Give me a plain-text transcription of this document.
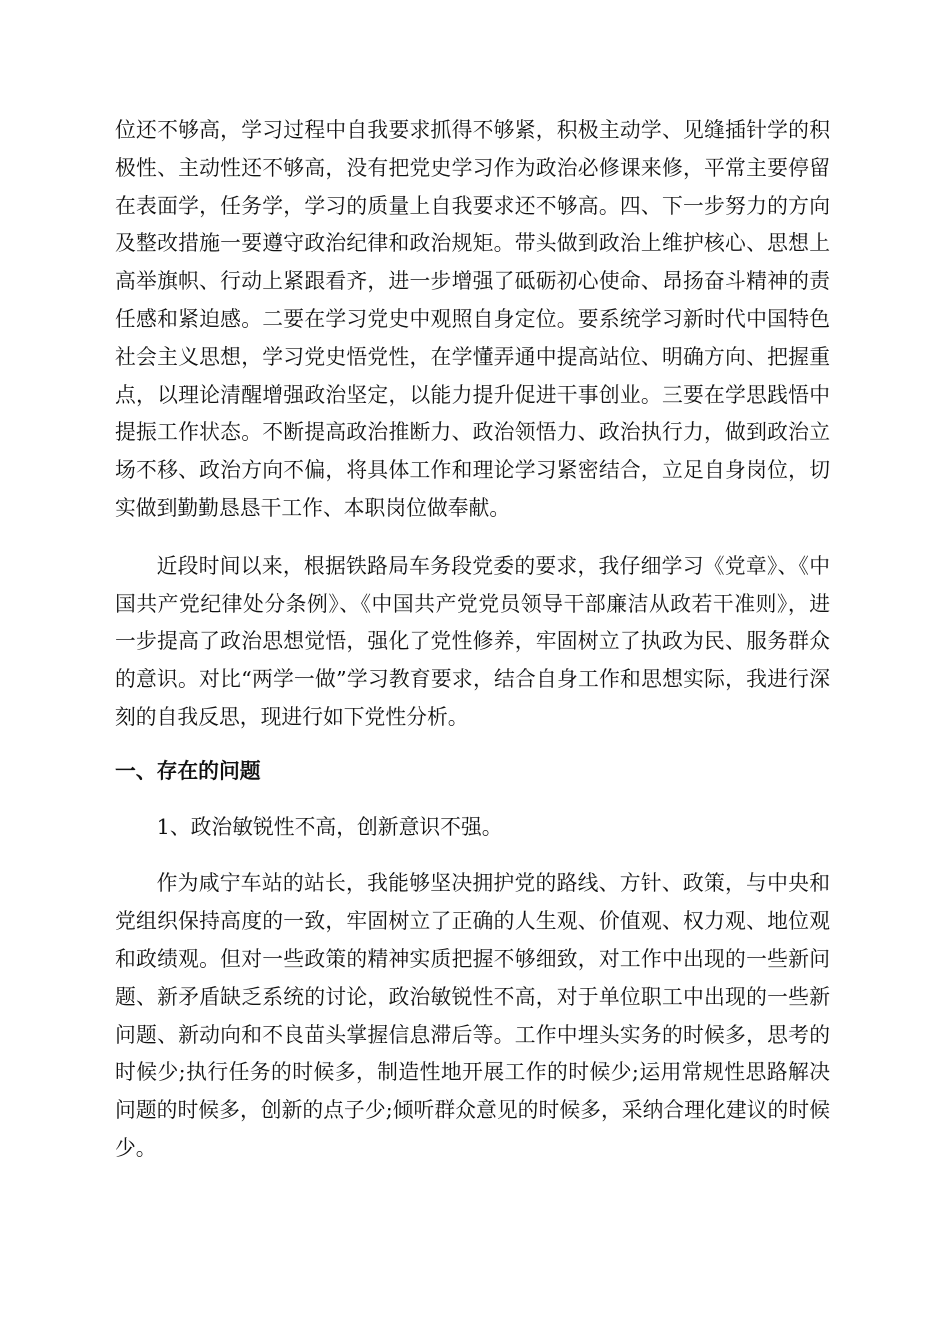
位还不够高，学习过程中自我要求抓得不够紧，积极主动学、见缝插针学的积极性、主动性还不够高，没有把党史学习作为政治必修课来修，平常主要停留在表面学，任务学，学习的质量上自我要求还不够高。四、下一步努力的方向及整改措施一要遵守政治纪律和政治规矩。带头做到政治上维护核心、思想上高举旗帜、行动上紧跟看齐，进一步增强了砥砺初心使命、昂扬奋斗精神的责任感和紧迫感。二要在学习党史中观照自身定位。要系统学习新时代中国特色社会主义思想，学习党史悟党性，在学懂弄通中提高站位、明确方向、把握重点，以理论清醒增强政治坚定，以能力提升促进干事创业。三要在学思践悟中提振工作状态。不断提高政治推断力、政治领悟力、政治执行力，做到政治立场不移、政治方向不偏，将具体工作和理论学习紧密结合，立足自身岗位，切实做到勤勤恳恳干工作、本职岗位做奉献。

近段时间以来，根据铁路局车务段党委的要求，我仔细学习《党章》、《中国共产党纪律处分条例》、《中国共产党党员领导干部廉洁从政若干准则》，进一步提高了政治思想觉悟，强化了党性修养，牢固树立了执政为民、服务群众的意识。对比“两学一做”学习教育要求，结合自身工作和思想实际，我进行深刻的自我反思，现进行如下党性分析。

一、存在的问题

1、政治敏锐性不高，创新意识不强。

作为咸宁车站的站长，我能够坚决拥护党的路线、方针、政策，与中央和党组织保持高度的一致，牢固树立了正确的人生观、价值观、权力观、地位观和政绩观。但对一些政策的精神实质把握不够细致，对工作中出现的一些新问题、新矛盾缺乏系统的讨论，政治敏锐性不高，对于单位职工中出现的一些新问题、新动向和不良苗头掌握信息滞后等。工作中埋头实务的时候多，思考的时候少;执行任务的时候多，制造性地开展工作的时候少;运用常规性思路解决问题的时候多，创新的点子少;倾听群众意见的时候多，采纳合理化建议的时候少。
